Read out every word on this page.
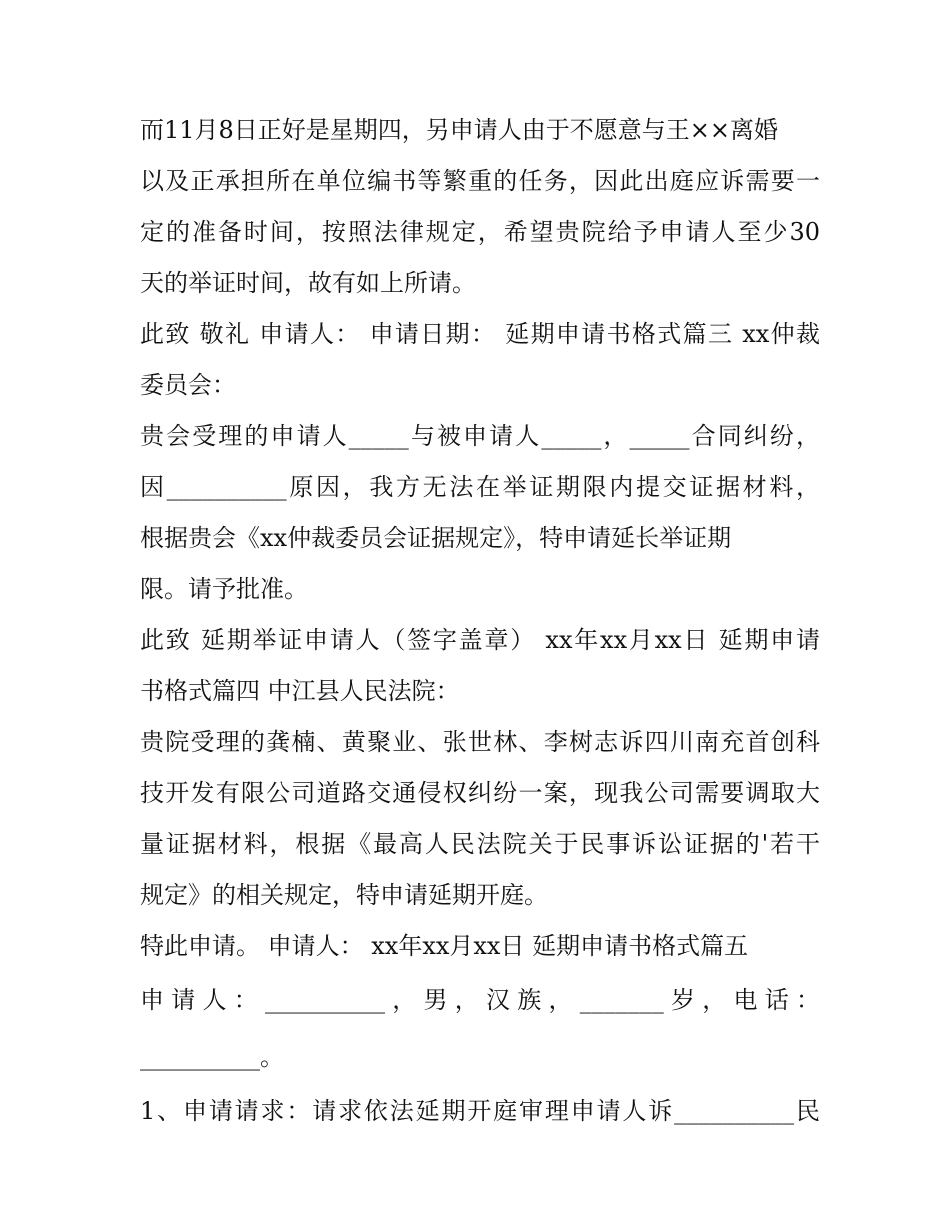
而11月8日正好是星期四，另申请人由于不愿意与王××离婚
以及正承担所在单位编书等繁重的任务，因此出庭应诉需要一
定的准备时间，按照法律规定，希望贵院给予申请人至少30
天的举证时间，故有如上所请。
此致 敬礼 申请人： 申请日期： 延期申请书格式篇三 xx仲裁
委员会：
贵会受理的申请人_____与被申请人_____，_____合同纠纷，
因__________原因，我方无法在举证期限内提交证据材料，
根据贵会《xx仲裁委员会证据规定》，特申请延长举证期
限。请予批准。
此致 延期举证申请人（签字盖章） xx年xx月xx日 延期申请
书格式篇四 中江县人民法院：
贵院受理的龚楠、黄聚业、张世林、李树志诉四川南充首创科
技开发有限公司道路交通侵权纠纷一案，现我公司需要调取大
量证据材料，根据《最高人民法院关于民事诉讼证据的'若干
规定》的相关规定，特申请延期开庭。
特此申请。 申请人： xx年xx月xx日 延期申请书格式篇五
申请人：__________，男，汉族，_______岁，电话：
__________。
1、申请请求：请求依法延期开庭审理申请人诉__________民
